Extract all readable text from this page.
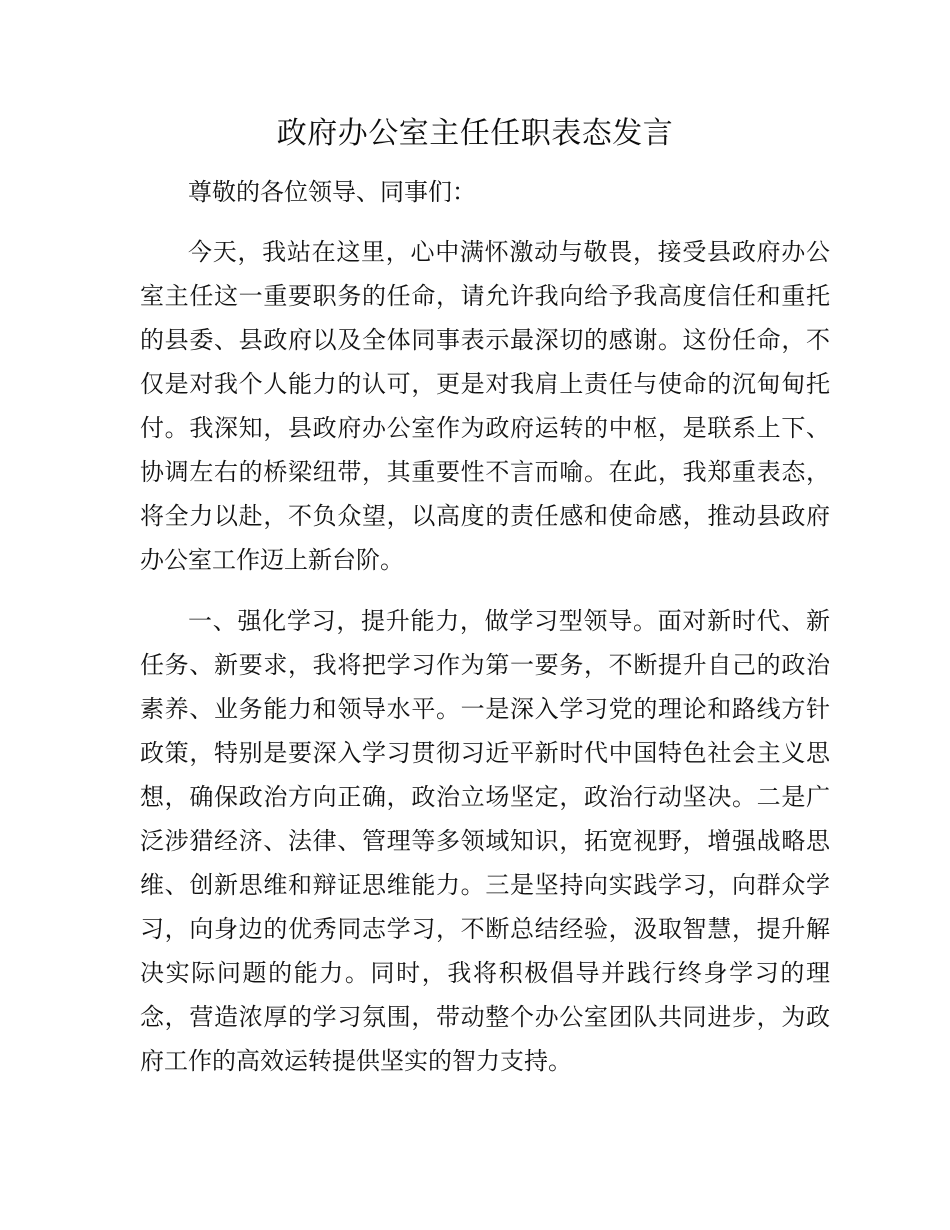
政府办公室主任任职表态发言

尊敬的各位领导、同事们：

今天，我站在这里，心中满怀激动与敬畏，接受县政府办公室主任这一重要职务的任命，请允许我向给予我高度信任和重托的县委、县政府以及全体同事表示最深切的感谢。这份任命，不仅是对我个人能力的认可，更是对我肩上责任与使命的沉甸甸托付。我深知，县政府办公室作为政府运转的中枢，是联系上下、协调左右的桥梁纽带，其重要性不言而喻。在此，我郑重表态，将全力以赴，不负众望，以高度的责任感和使命感，推动县政府办公室工作迈上新台阶。

一、强化学习，提升能力，做学习型领导。面对新时代、新任务、新要求，我将把学习作为第一要务，不断提升自己的政治素养、业务能力和领导水平。一是深入学习党的理论和路线方针政策，特别是要深入学习贯彻习近平新时代中国特色社会主义思想，确保政治方向正确，政治立场坚定，政治行动坚决。二是广泛涉猎经济、法律、管理等多领域知识，拓宽视野，增强战略思维、创新思维和辩证思维能力。三是坚持向实践学习，向群众学习，向身边的优秀同志学习，不断总结经验，汲取智慧，提升解决实际问题的能力。同时，我将积极倡导并践行终身学习的理念，营造浓厚的学习氛围，带动整个办公室团队共同进步，为政府工作的高效运转提供坚实的智力支持。
